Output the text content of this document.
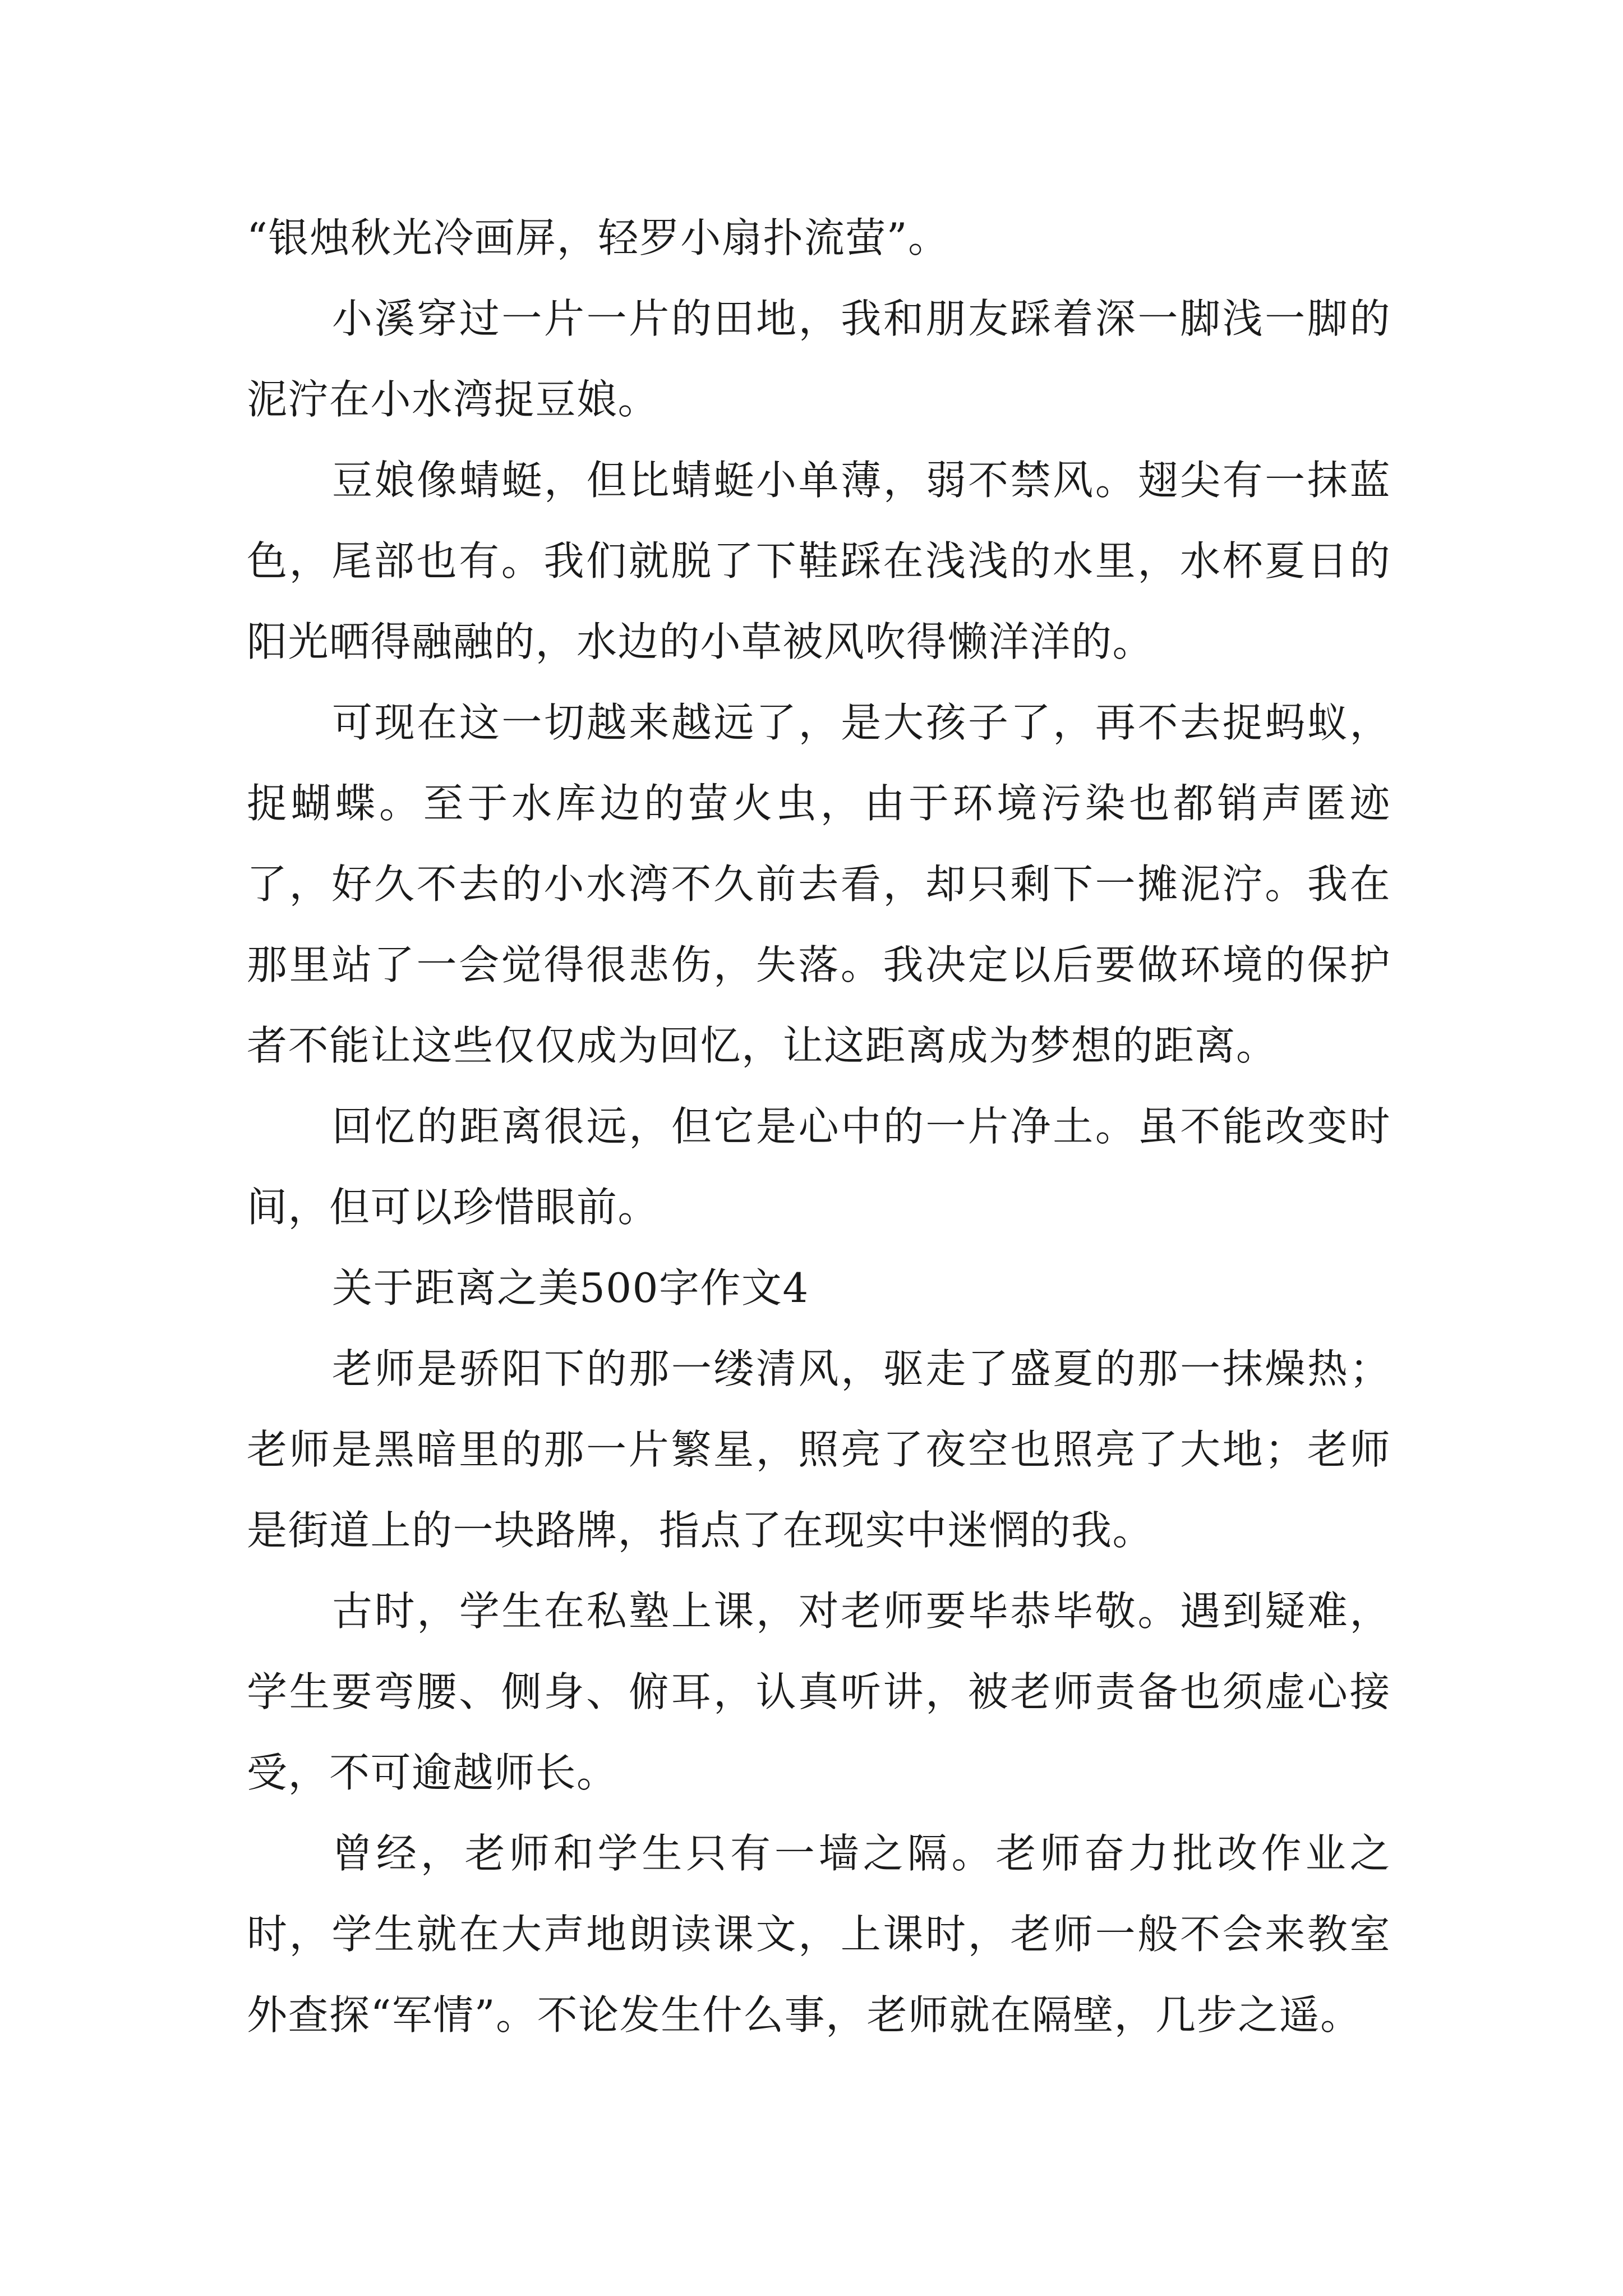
“银烛秋光冷画屏，轻罗小扇扑流萤”。

小溪穿过一片一片的田地，我和朋友踩着深一脚浅一脚的泥泞在小水湾捉豆娘。

豆娘像蜻蜓，但比蜻蜓小单薄，弱不禁风。翅尖有一抹蓝色，尾部也有。我们就脱了下鞋踩在浅浅的水里，水杯夏日的阳光晒得融融的，水边的小草被风吹得懒洋洋的。

可现在这一切越来越远了，是大孩子了，再不去捉蚂蚁，捉蝴蝶。至于水库边的萤火虫，由于环境污染也都销声匿迹了，好久不去的小水湾不久前去看，却只剩下一摊泥泞。我在那里站了一会觉得很悲伤，失落。我决定以后要做环境的保护者不能让这些仅仅成为回忆，让这距离成为梦想的距离。

回忆的距离很远，但它是心中的一片净土。虽不能改变时间，但可以珍惜眼前。

关于距离之美500字作文4

老师是骄阳下的那一缕清风，驱走了盛夏的那一抹燥热；老师是黑暗里的那一片繁星，照亮了夜空也照亮了大地；老师是街道上的一块路牌，指点了在现实中迷惘的我。

古时，学生在私塾上课，对老师要毕恭毕敬。遇到疑难，学生要弯腰、侧身、俯耳，认真听讲，被老师责备也须虚心接受，不可逾越师长。

曾经，老师和学生只有一墙之隔。老师奋力批改作业之时，学生就在大声地朗读课文，上课时，老师一般不会来教室外查探“军情”。不论发生什么事，老师就在隔壁，几步之遥。
